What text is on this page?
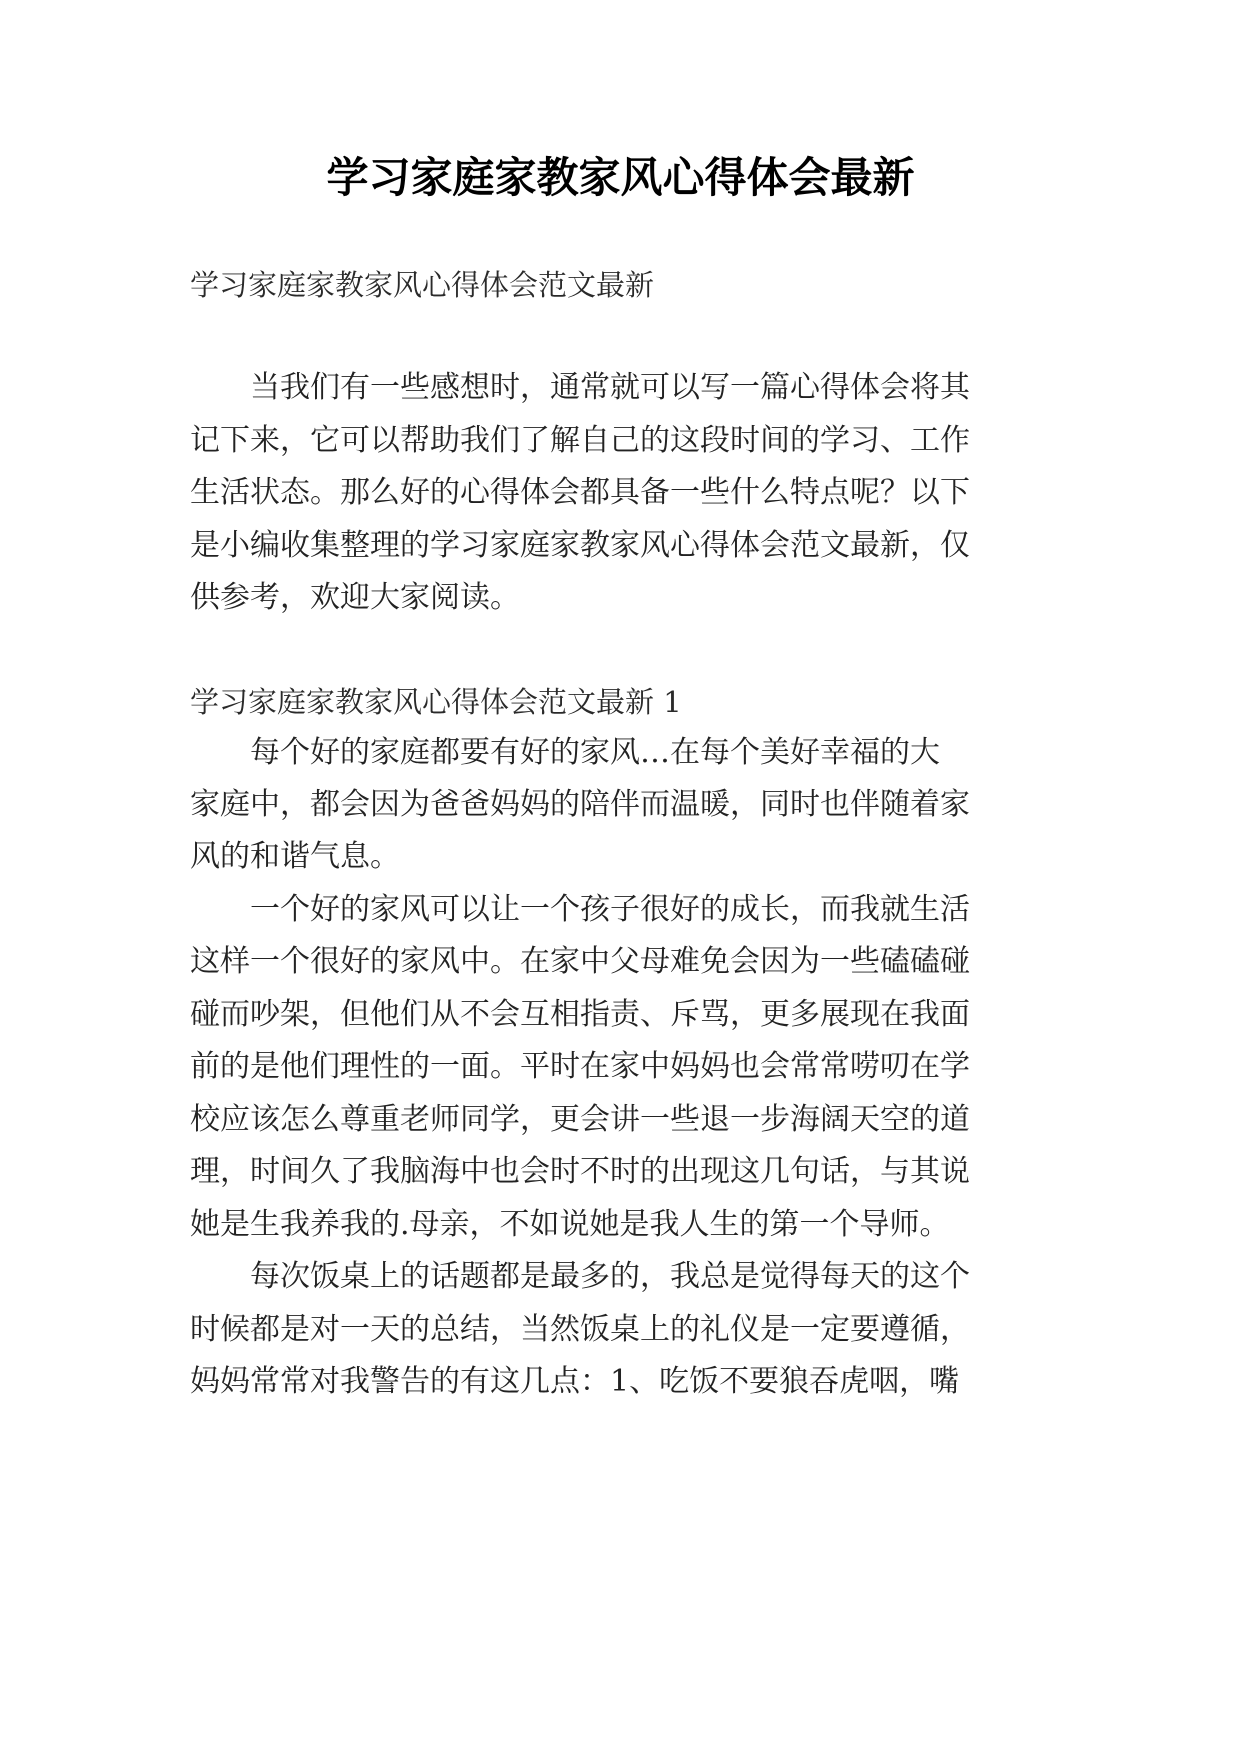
学习家庭家教家风心得体会最新
学习家庭家教家风心得体会范文最新
当我们有一些感想时，通常就可以写一篇心得体会将其
记下来，它可以帮助我们了解自己的这段时间的学习、工作
生活状态。那么好的心得体会都具备一些什么特点呢？以下
是小编收集整理的学习家庭家教家风心得体会范文最新，仅
供参考，欢迎大家阅读。
学习家庭家教家风心得体会范文最新 1
每个好的家庭都要有好的家风…在每个美好幸福的大
家庭中，都会因为爸爸妈妈的陪伴而温暖，同时也伴随着家
风的和谐气息。
一个好的家风可以让一个孩子很好的成长，而我就生活
这样一个很好的家风中。在家中父母难免会因为一些磕磕碰
碰而吵架，但他们从不会互相指责、斥骂，更多展现在我面
前的是他们理性的一面。平时在家中妈妈也会常常唠叨在学
校应该怎么尊重老师同学，更会讲一些退一步海阔天空的道
理，时间久了我脑海中也会时不时的出现这几句话，与其说
她是生我养我的.母亲，不如说她是我人生的第一个导师。
每次饭桌上的话题都是最多的，我总是觉得每天的这个
时候都是对一天的总结，当然饭桌上的礼仪是一定要遵循，
妈妈常常对我警告的有这几点：1、吃饭不要狼吞虎咽，嘴
